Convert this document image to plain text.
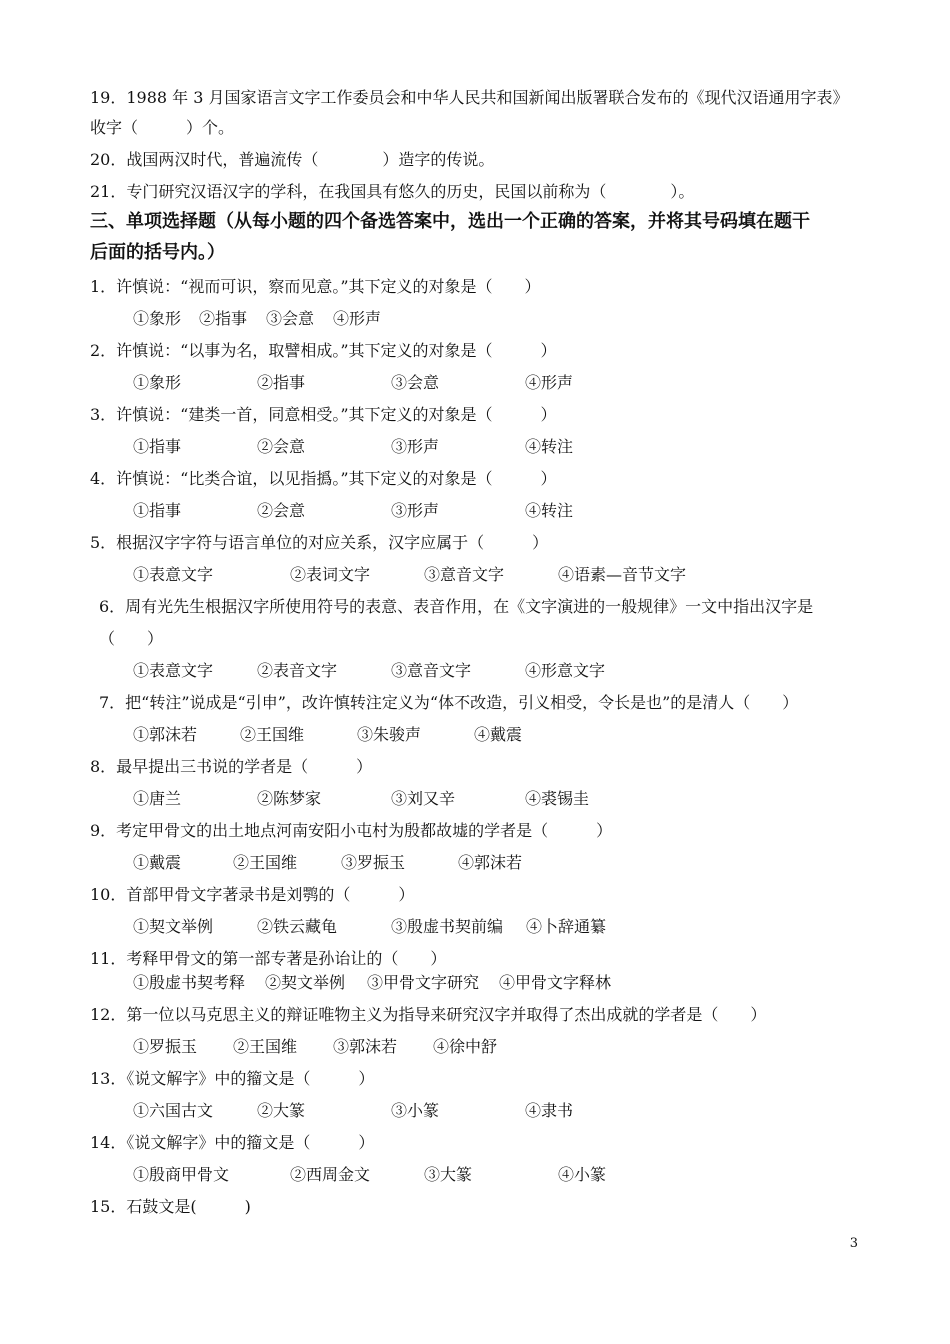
19．1988 年 3 月国家语言文字工作委员会和中华人民共和国新闻出版署联合发布的《现代汉语通用字表》
收字（　　　）个。
20．战国两汉时代，普遍流传（　　　　）造字的传说。
21．专门研究汉语汉字的学科，在我国具有悠久的历史，民国以前称为（　　　　）。
三、单项选择题（从每小题的四个备选答案中，选出一个正确的答案，并将其号码填在题干
后面的括号内。）
1．许慎说：“视而可识，察而见意。”其下定义的对象是（　　）
①象形 ②指事 ③会意 ④形声
2．许慎说：“以事为名，取譬相成。”其下定义的对象是（　　　）
①象形	②指事	③会意	④形声
3．许慎说：“建类一首，同意相受。”其下定义的对象是（　　　）
①指事	②会意	③形声	④转注
4．许慎说：“比类合谊，以见指撝。”其下定义的对象是（　　　）
①指事	②会意	③形声	④转注
5．根据汉字字符与语言单位的对应关系，汉字应属于（　　　）
①表意文字	②表词文字	③意音文字	④语素—音节文字
6．周有光先生根据汉字所使用符号的表意、表音作用，在《文字演进的一般规律》一文中指出汉字是
（　　）
①表意文字	②表音文字	③意音文字	④形意文字
7．把“转注”说成是“引申”，改许慎转注定义为“体不改造，引义相受，令长是也”的是清人（　　）
①郭沫若	②王国维	③朱骏声	④戴震
8．最早提出三书说的学者是（　　　）
①唐兰	②陈梦家	③刘又辛	④裘锡圭
9．考定甲骨文的出土地点河南安阳小屯村为殷都故墟的学者是（　　　）
①戴震	②王国维	③罗振玉	④郭沫若
10．首部甲骨文字著录书是刘鹗的（　　　）
①契文举例	②铁云藏龟	③殷虚书契前编 ④卜辞通纂
11．考释甲骨文的第一部专著是孙诒让的（　　）
①殷虚书契考释 ②契文举例 ③甲骨文字研究 ④甲骨文字释林
12．第一位以马克思主义的辩证唯物主义为指导来研究汉字并取得了杰出成就的学者是（　　）
①罗振玉 ②王国维 ③郭沫若 ④徐中舒
13．《说文解字》中的籀文是（　　　）
①六国古文	②大篆	③小篆	④隶书
14．《说文解字》中的籀文是（　　　）
①殷商甲骨文	②西周金文	③大篆	④小篆
15．石鼓文是(　　　)
3
